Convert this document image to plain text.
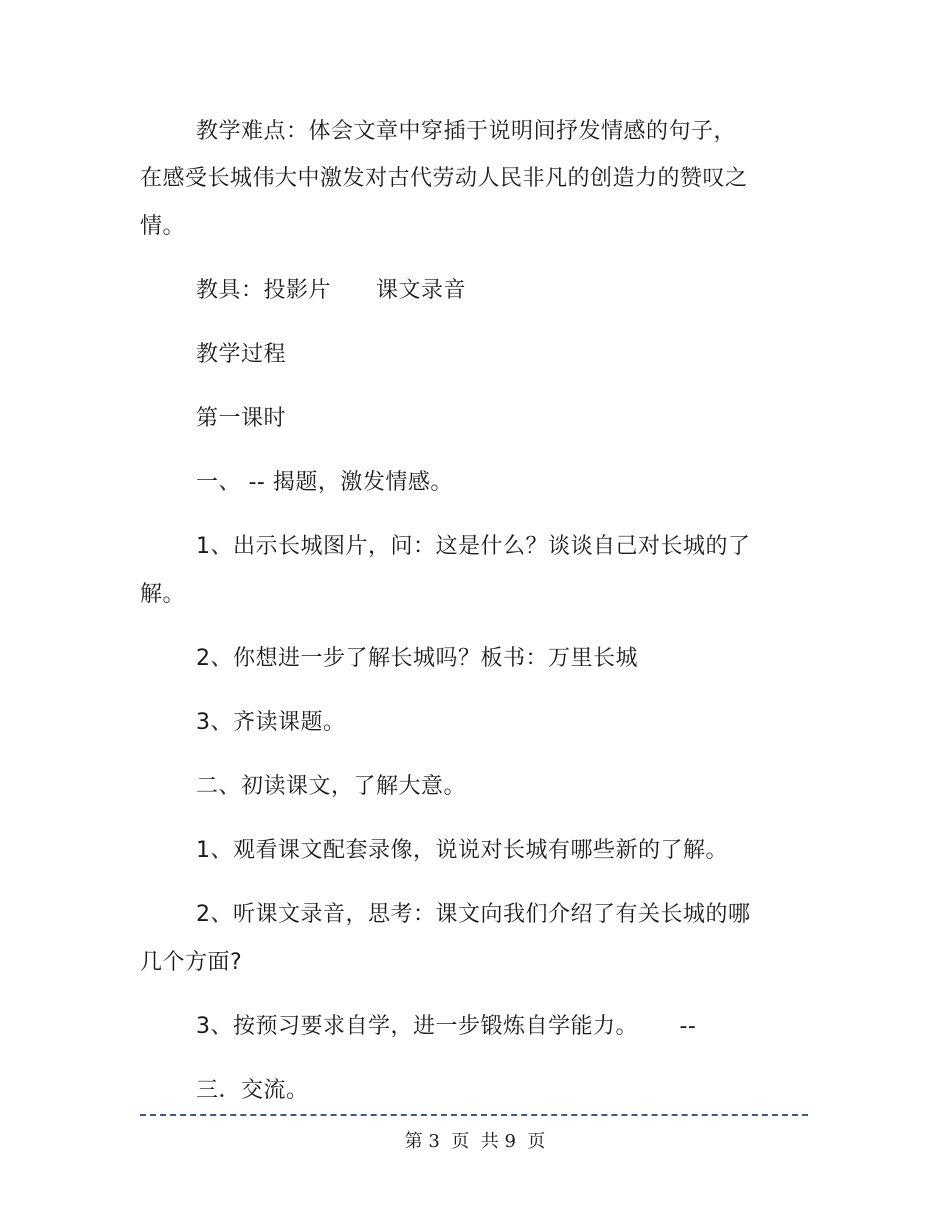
教学难点：体会文章中穿插于说明间抒发情感的句子，
在感受长城伟大中激发对古代劳动人民非凡的创造力的赞叹之
情。
教具：投影片　　课文录音
教学过程
第一课时
一、 -- 揭题，激发情感。
1、出示长城图片，问：这是什么？谈谈自己对长城的了
解。
2、你想进一步了解长城吗？板书：万里长城
3、齐读课题。
二、初读课文，了解大意。
1、观看课文配套录像，说说对长城有哪些新的了解。
2、听课文录音，思考：课文向我们介绍了有关长城的哪
几个方面?
3、按预习要求自学，进一步锻炼自学能力。　　 --
三．交流。
第 3  页  共 9  页
